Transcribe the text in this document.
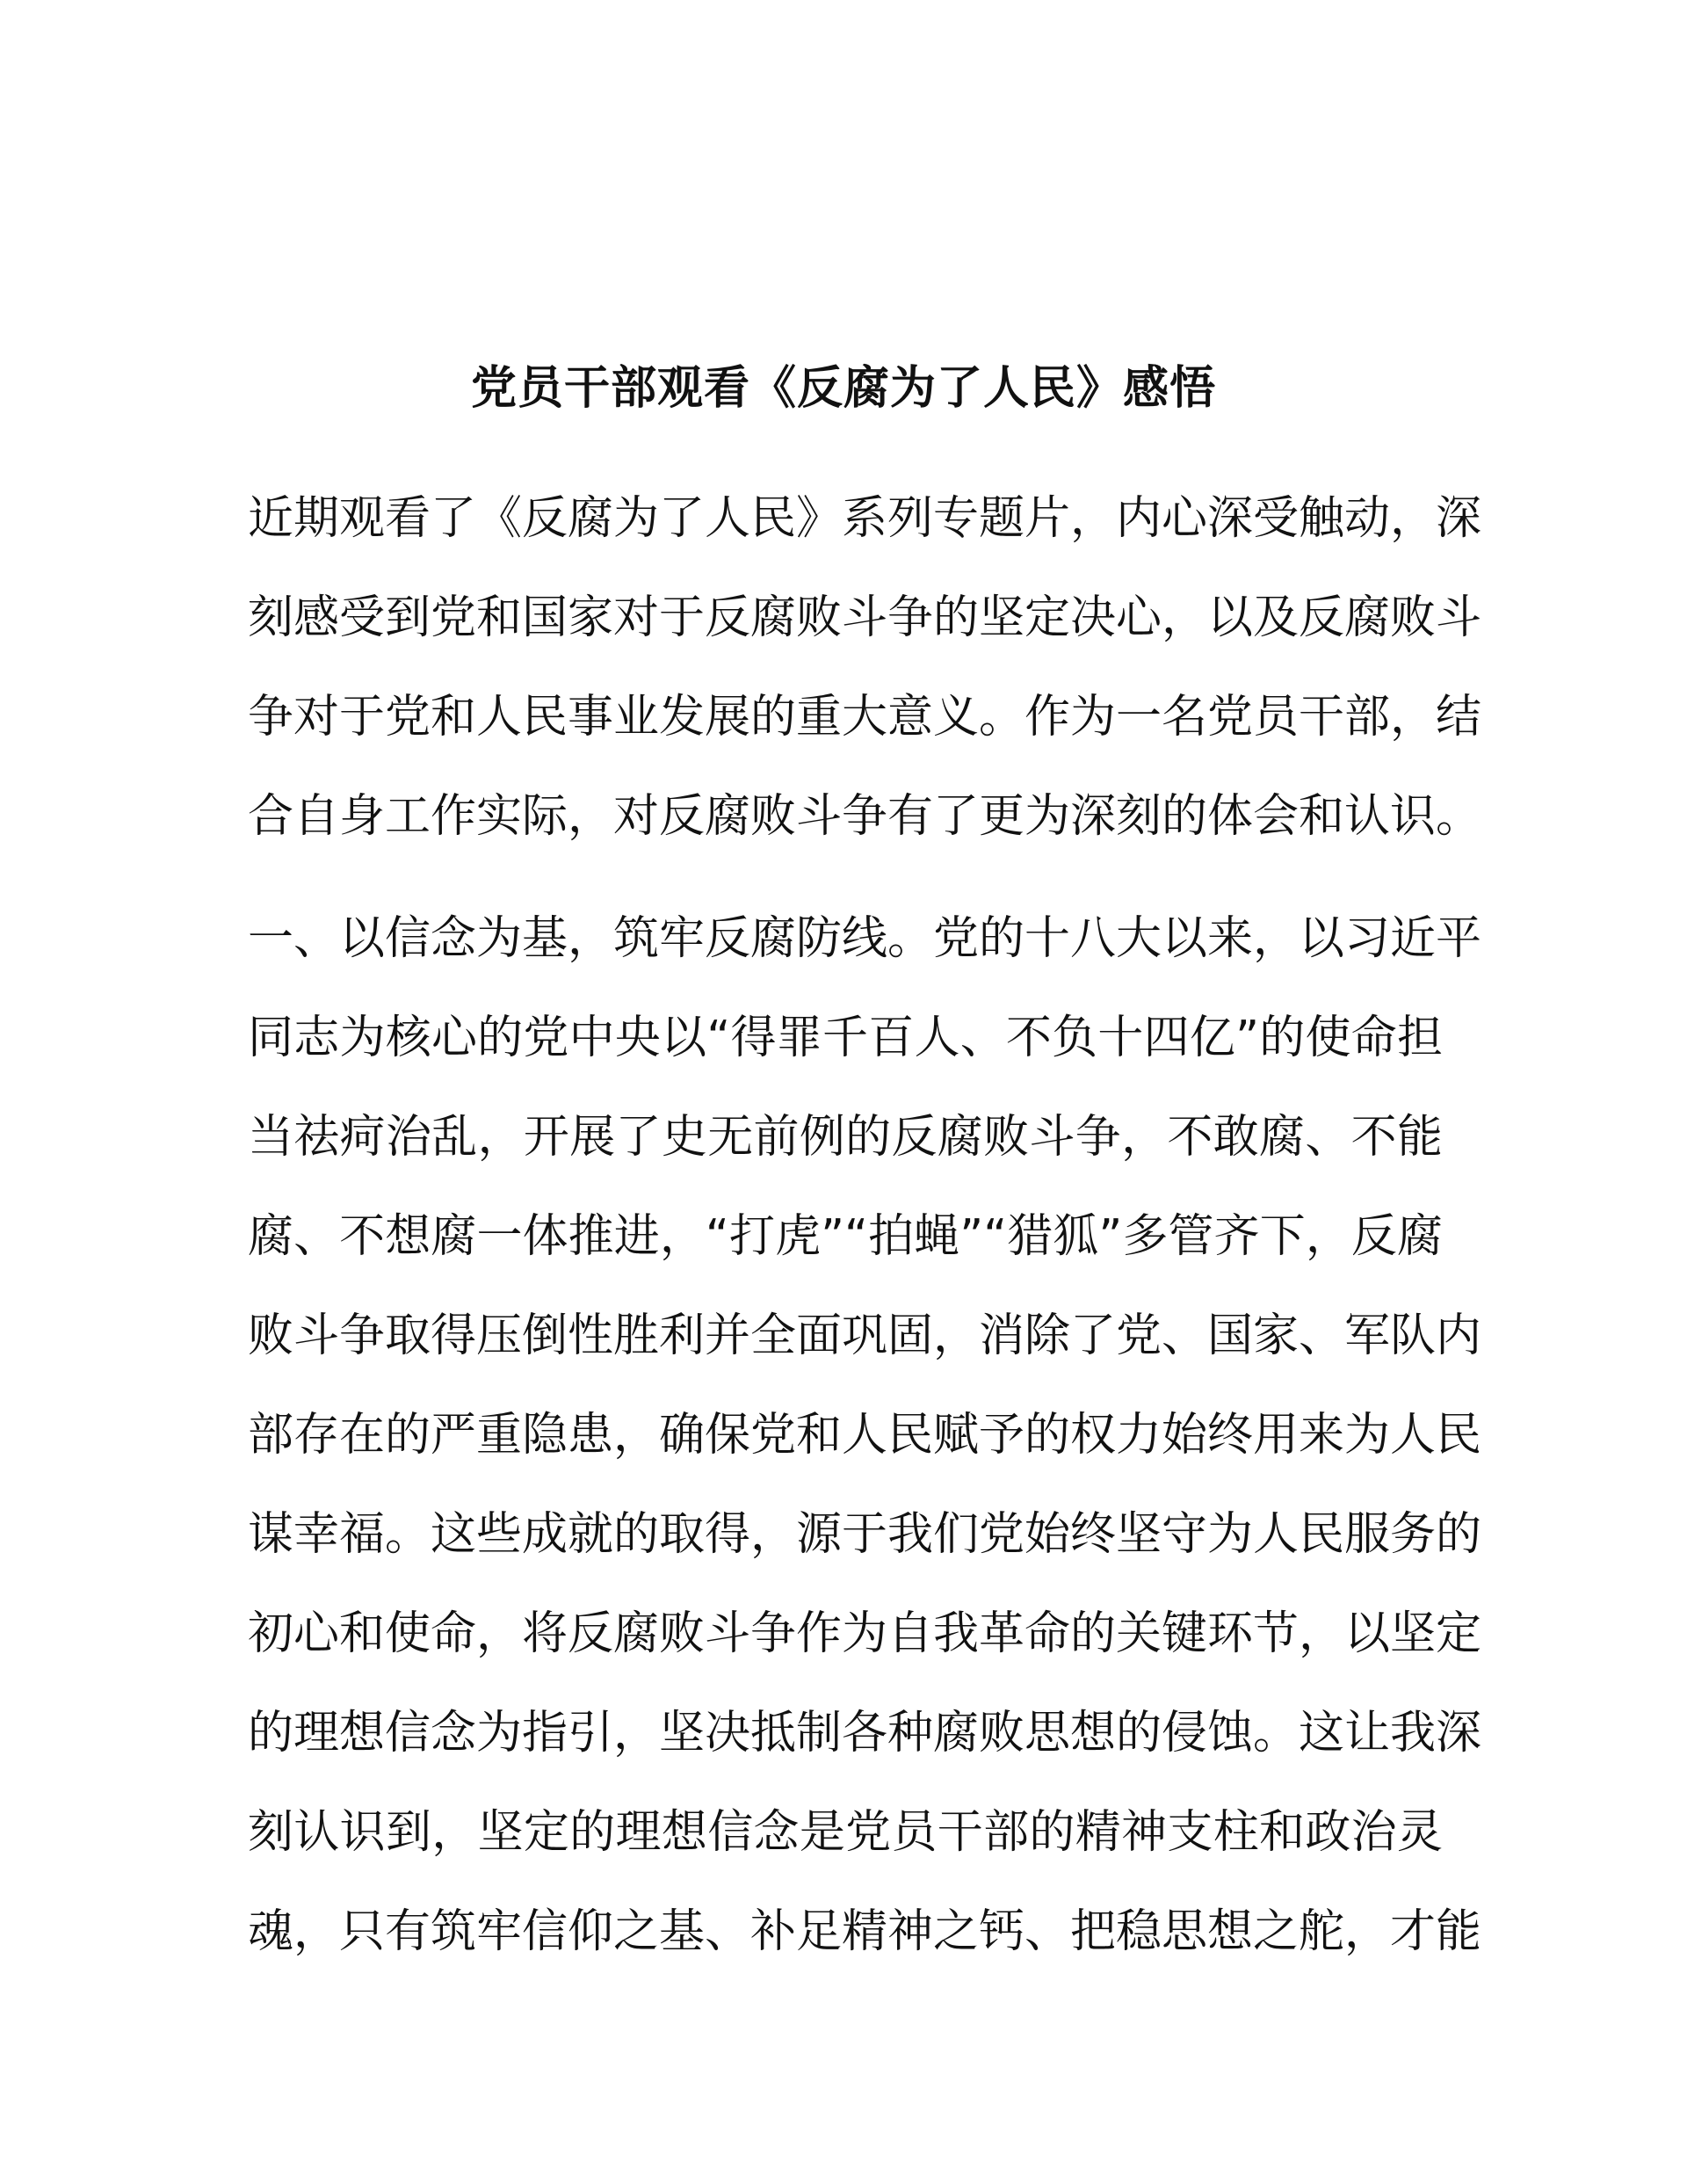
党员干部观看《反腐为了人民》感悟
近期观看了《反腐为了人民》系列专题片，内心深受触动，深
刻感受到党和国家对于反腐败斗争的坚定决心，以及反腐败斗
争对于党和人民事业发展的重大意义。作为一名党员干部，结
合自身工作实际，对反腐败斗争有了更为深刻的体会和认识。
一、以信念为基，筑牢反腐防线。党的十八大以来，以习近平
同志为核心的党中央以“得罪千百人、不负十四亿”的使命担
当祛疴治乱，开展了史无前例的反腐败斗争，不敢腐、不能
腐、不想腐一体推进，“打虎”“拍蝇”“猎狐”多管齐下，反腐
败斗争取得压倒性胜利并全面巩固，消除了党、国家、军队内
部存在的严重隐患，确保党和人民赋予的权力始终用来为人民
谋幸福。这些成就的取得，源于我们党始终坚守为人民服务的
初心和使命，将反腐败斗争作为自我革命的关键环节，以坚定
的理想信念为指引，坚决抵制各种腐败思想的侵蚀。这让我深
刻认识到，坚定的理想信念是党员干部的精神支柱和政治灵
魂，只有筑牢信仰之基、补足精神之钙、把稳思想之舵，才能
